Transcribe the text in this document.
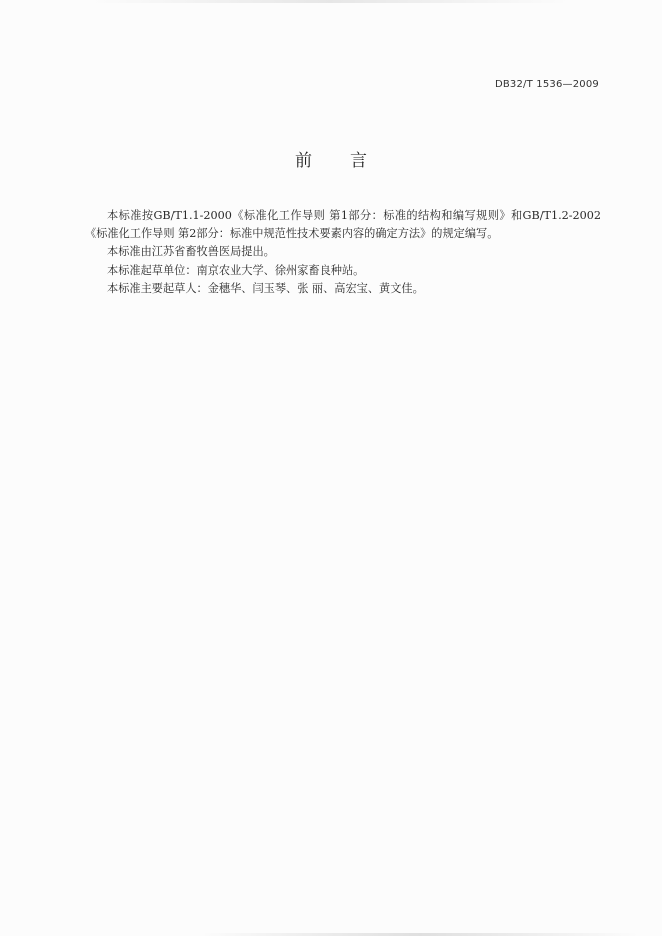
DB32/T 1536—2009
前言

本标准按GB/T1.1-2000《标准化工作导则 第1部分：标准的结构和编写规则》和GB/T1.2-2002《标准化工作导则 第2部分：标准中规范性技术要素内容的确定方法》的规定编写。

本标准由江苏省畜牧兽医局提出。

本标准起草单位：南京农业大学、徐州家畜良种站。

本标准主要起草人：金穗华、闫玉琴、张 丽、高宏宝、黄文佳。
